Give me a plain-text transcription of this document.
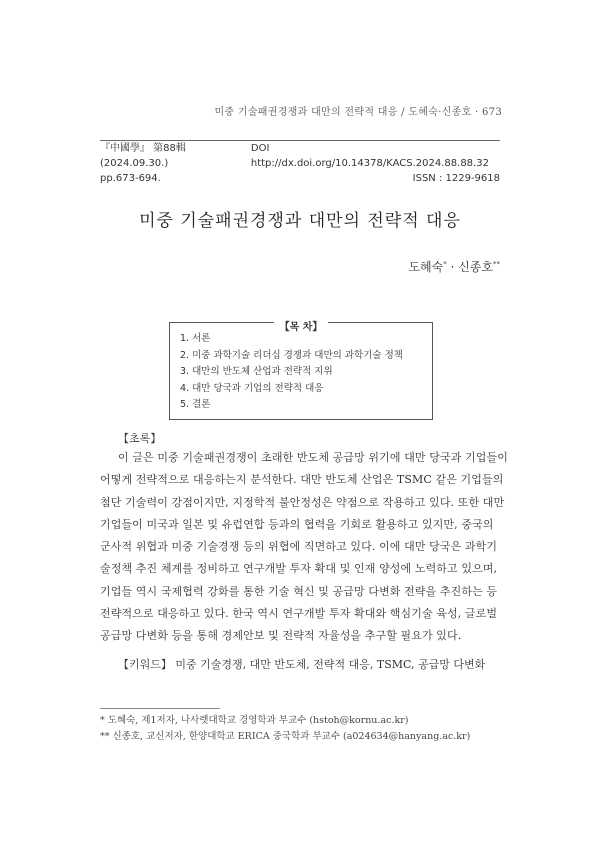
미중 기술패권경쟁과 대만의 전략적 대응 / 도혜숙·신종호 · 673
『中國學』 第88輯 (2024.09.30.)
DOI http://dx.doi.org/10.14378/KACS.2024.88.88.32
pp.673-694.	ISSN : 1229-9618
미중 기술패권경쟁과 대만의 전략적 대응
도혜숙* · 신종호**
【목 차】
1. 서론
2. 미중 과학기술 리더십 경쟁과 대만의 과학기술 정책
3. 대만의 반도체 산업과 전략적 지위
4. 대만 당국과 기업의 전략적 대응
5. 결론
【초록】
이 글은 미중 기술패권경쟁이 초래한 반도체 공급망 위기에 대만 당국과 기업들이
어떻게 전략적으로 대응하는지 분석한다. 대만 반도체 산업은 TSMC 같은 기업들의
첨단 기술력이 강점이지만, 지정학적 불안정성은 약점으로 작용하고 있다. 또한 대만
기업들이 미국과 일본 및 유럽연합 등과의 협력을 기회로 활용하고 있지만, 중국의
군사적 위협과 미중 기술경쟁 등의 위협에 직면하고 있다. 이에 대만 당국은 과학기
술정책 추진 체계를 정비하고 연구개발 투자 확대 및 인재 양성에 노력하고 있으며,
기업들 역시 국제협력 강화를 통한 기술 혁신 및 공급망 다변화 전략을 추진하는 등
전략적으로 대응하고 있다. 한국 역시 연구개발 투자 확대와 핵심기술 육성, 글로벌
공급망 다변화 등을 통해 경제안보 및 전략적 자율성을 추구할 필요가 있다.
【키워드】 미중 기술경쟁, 대만 반도체, 전략적 대응, TSMC, 공급망 다변화
* 도혜숙, 제1저자, 나사렛대학교 경영학과 부교수 (hstoh@kornu.ac.kr)
** 신종호, 교신저자, 한양대학교 ERICA 중국학과 부교수 (a024634@hanyang.ac.kr)
